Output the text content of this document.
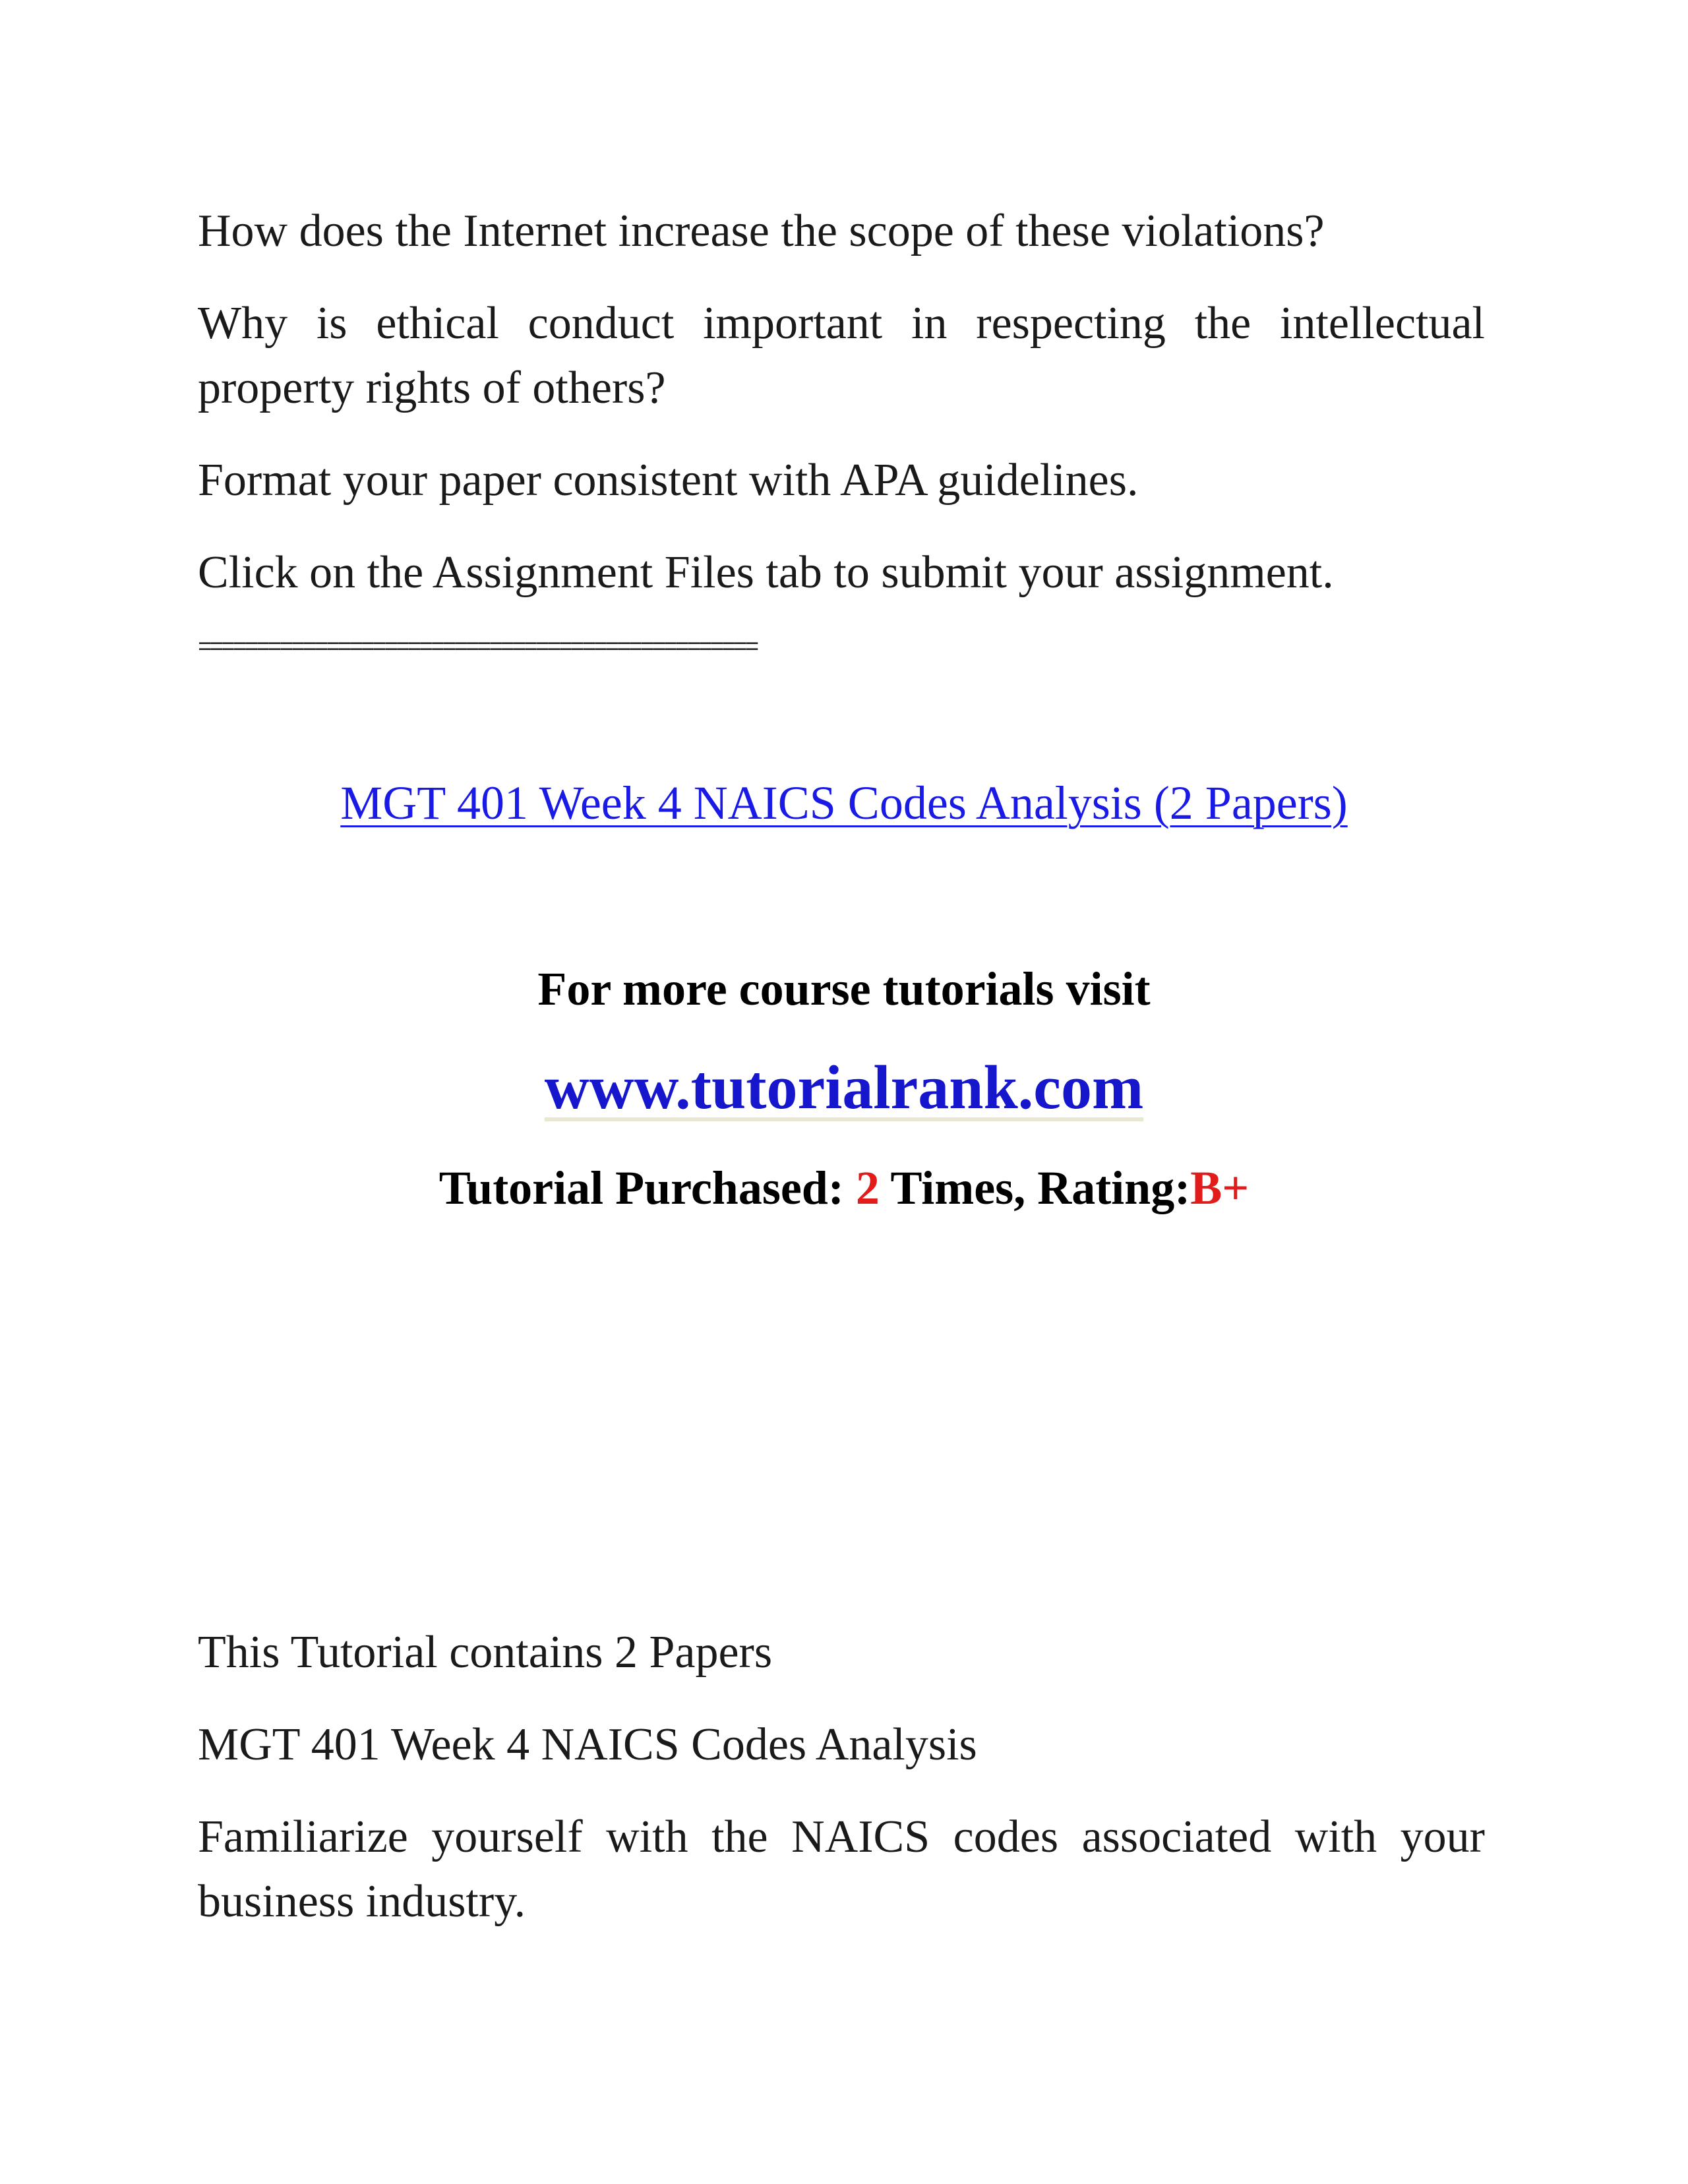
How does the Internet increase the scope of these violations?

Why is ethical conduct important in respecting the intellectual property rights of others?

Format your paper consistent with APA guidelines.

Click on the Assignment Files tab to submit your assignment.

================================================

MGT 401 Week 4 NAICS Codes Analysis (2 Papers)

For more course tutorials visit

www.tutorialrank.com

Tutorial Purchased: 2 Times, Rating:B+

This Tutorial contains 2 Papers

MGT 401 Week 4 NAICS Codes Analysis

Familiarize yourself with the NAICS codes associated with your business industry.
